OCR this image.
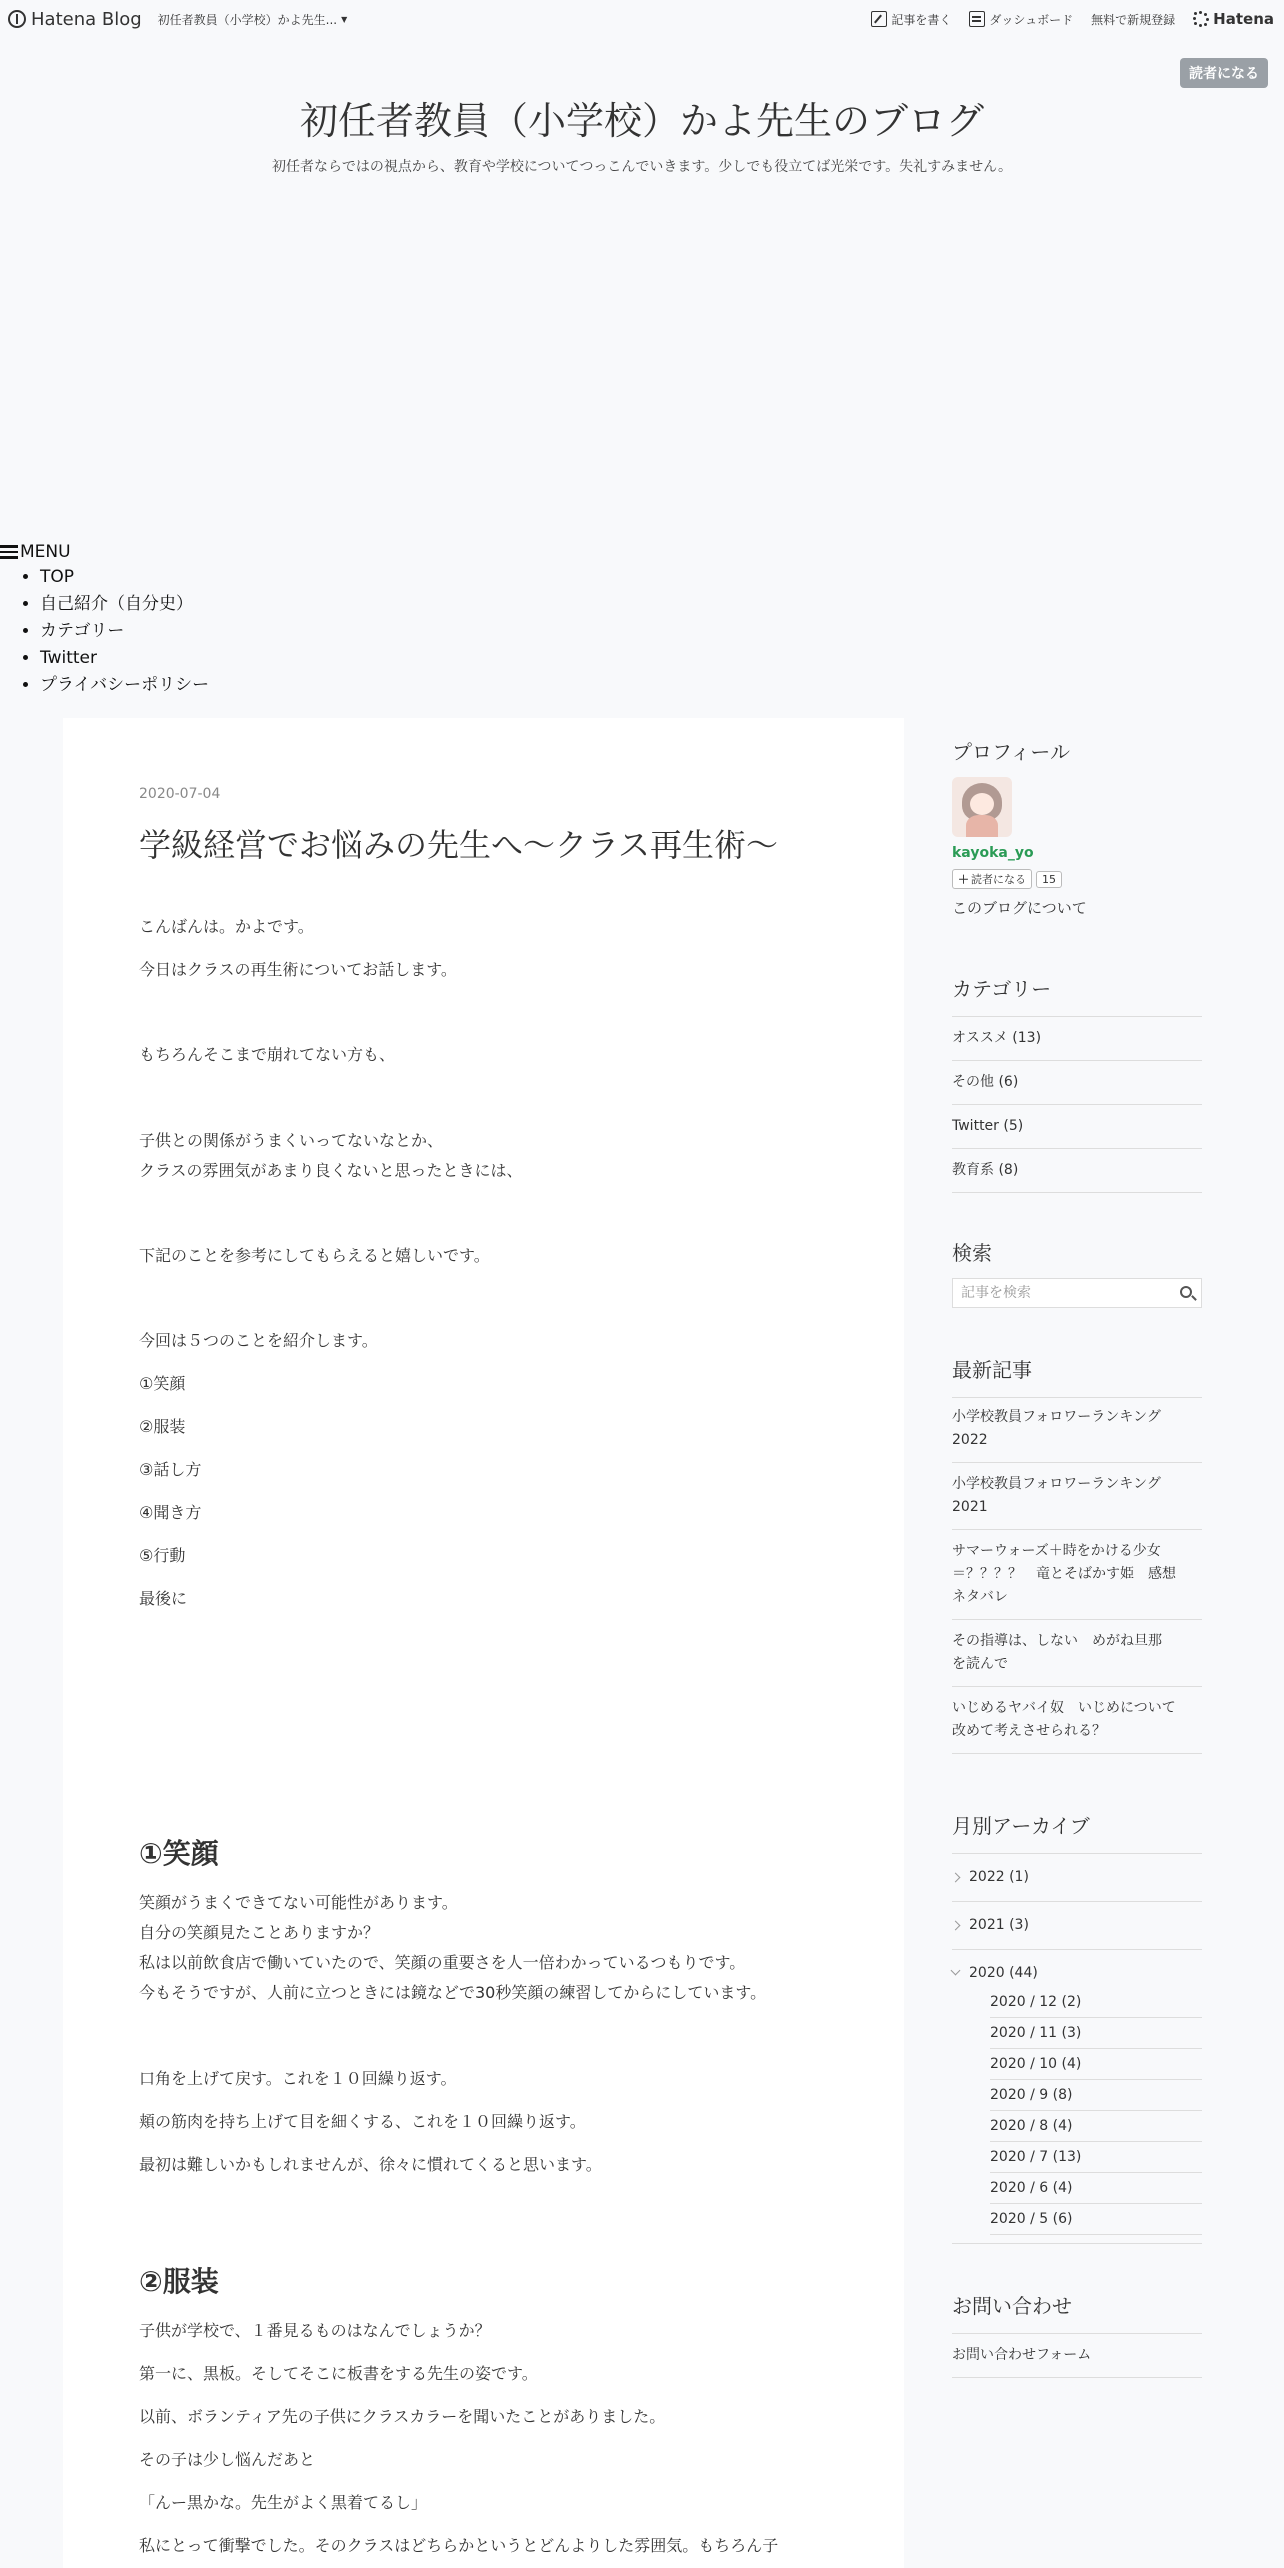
Hatena Blog 初任者教員（小学校）かよ先生... ▼	記事を書く	ダッシュボード 無料で新規登録	Hatena
読者になる
初任者教員（小学校）かよ先生のブログ

初任者ならではの視点から、教育や学校についてつっこんでいきます。少しでも役立てば光栄です。失礼すみません。

MENU
• TOP
• 自己紹介（自分史）
• カテゴリー
• Twitter
• プライバシーポリシー
2020-07-04
学級経営でお悩みの先生へ～クラス再生術～

こんばんは。かよです。

今日はクラスの再生術についてお話します。

もちろんそこまで崩れてない方も、

子供との関係がうまくいってないなとか、

クラスの雰囲気があまり良くないと思ったときには、

下記のことを参考にしてもらえると嬉しいです。

今回は５つのことを紹介します。

①笑顔

②服装

③話し方

④聞き方

⑤行動

最後に

①笑顔

笑顔がうまくできてない可能性があります。

自分の笑顔見たことありますか？

私は以前飲食店で働いていたので、笑顔の重要さを人一倍わかっているつもりです。

今もそうですが、人前に立つときには鏡などで30秒笑顔の練習してからにしています。

口角を上げて戻す。これを１０回繰り返す。

頬の筋肉を持ち上げて目を細くする、これを１０回繰り返す。

最初は難しいかもしれませんが、徐々に慣れてくると思います。

②服装

子供が学校で、１番見るものはなんでしょうか？

第一に、黒板。そしてそこに板書をする先生の姿です。

以前、ボランティア先の子供にクラスカラーを聞いたことがありました。

その子は少し悩んだあと

「んー黒かな。先生がよく黒着てるし」

私にとって衝撃でした。そのクラスはどちらかというとどんよりした雰囲気。もちろん子

プロフィール
kayoka_yo
＋ 読者になる	15
このブログについて
カテゴリー
オススメ (13)
その他 (6)
Twitter (5)
教育系 (8)
検索
記事を検索
最新記事
小学校教員フォロワーランキング
2022
小学校教員フォロワーランキング
2021
サマーウォーズ＋時をかける少女
＝？？？？　竜とそばかす姫　感想
ネタバレ
その指導は、しない　めがね旦那
を読んで
いじめるヤバイ奴　いじめについて
改めて考えさせられる？
月別アーカイブ
2022 (1)
2021 (3)
2020 (44)
2020 / 12 (2)
2020 / 11 (3)
2020 / 10 (4)
2020 / 9 (8)
2020 / 8 (4)
2020 / 7 (13)
2020 / 6 (4)
2020 / 5 (6)
お問い合わせ
お問い合わせフォーム
